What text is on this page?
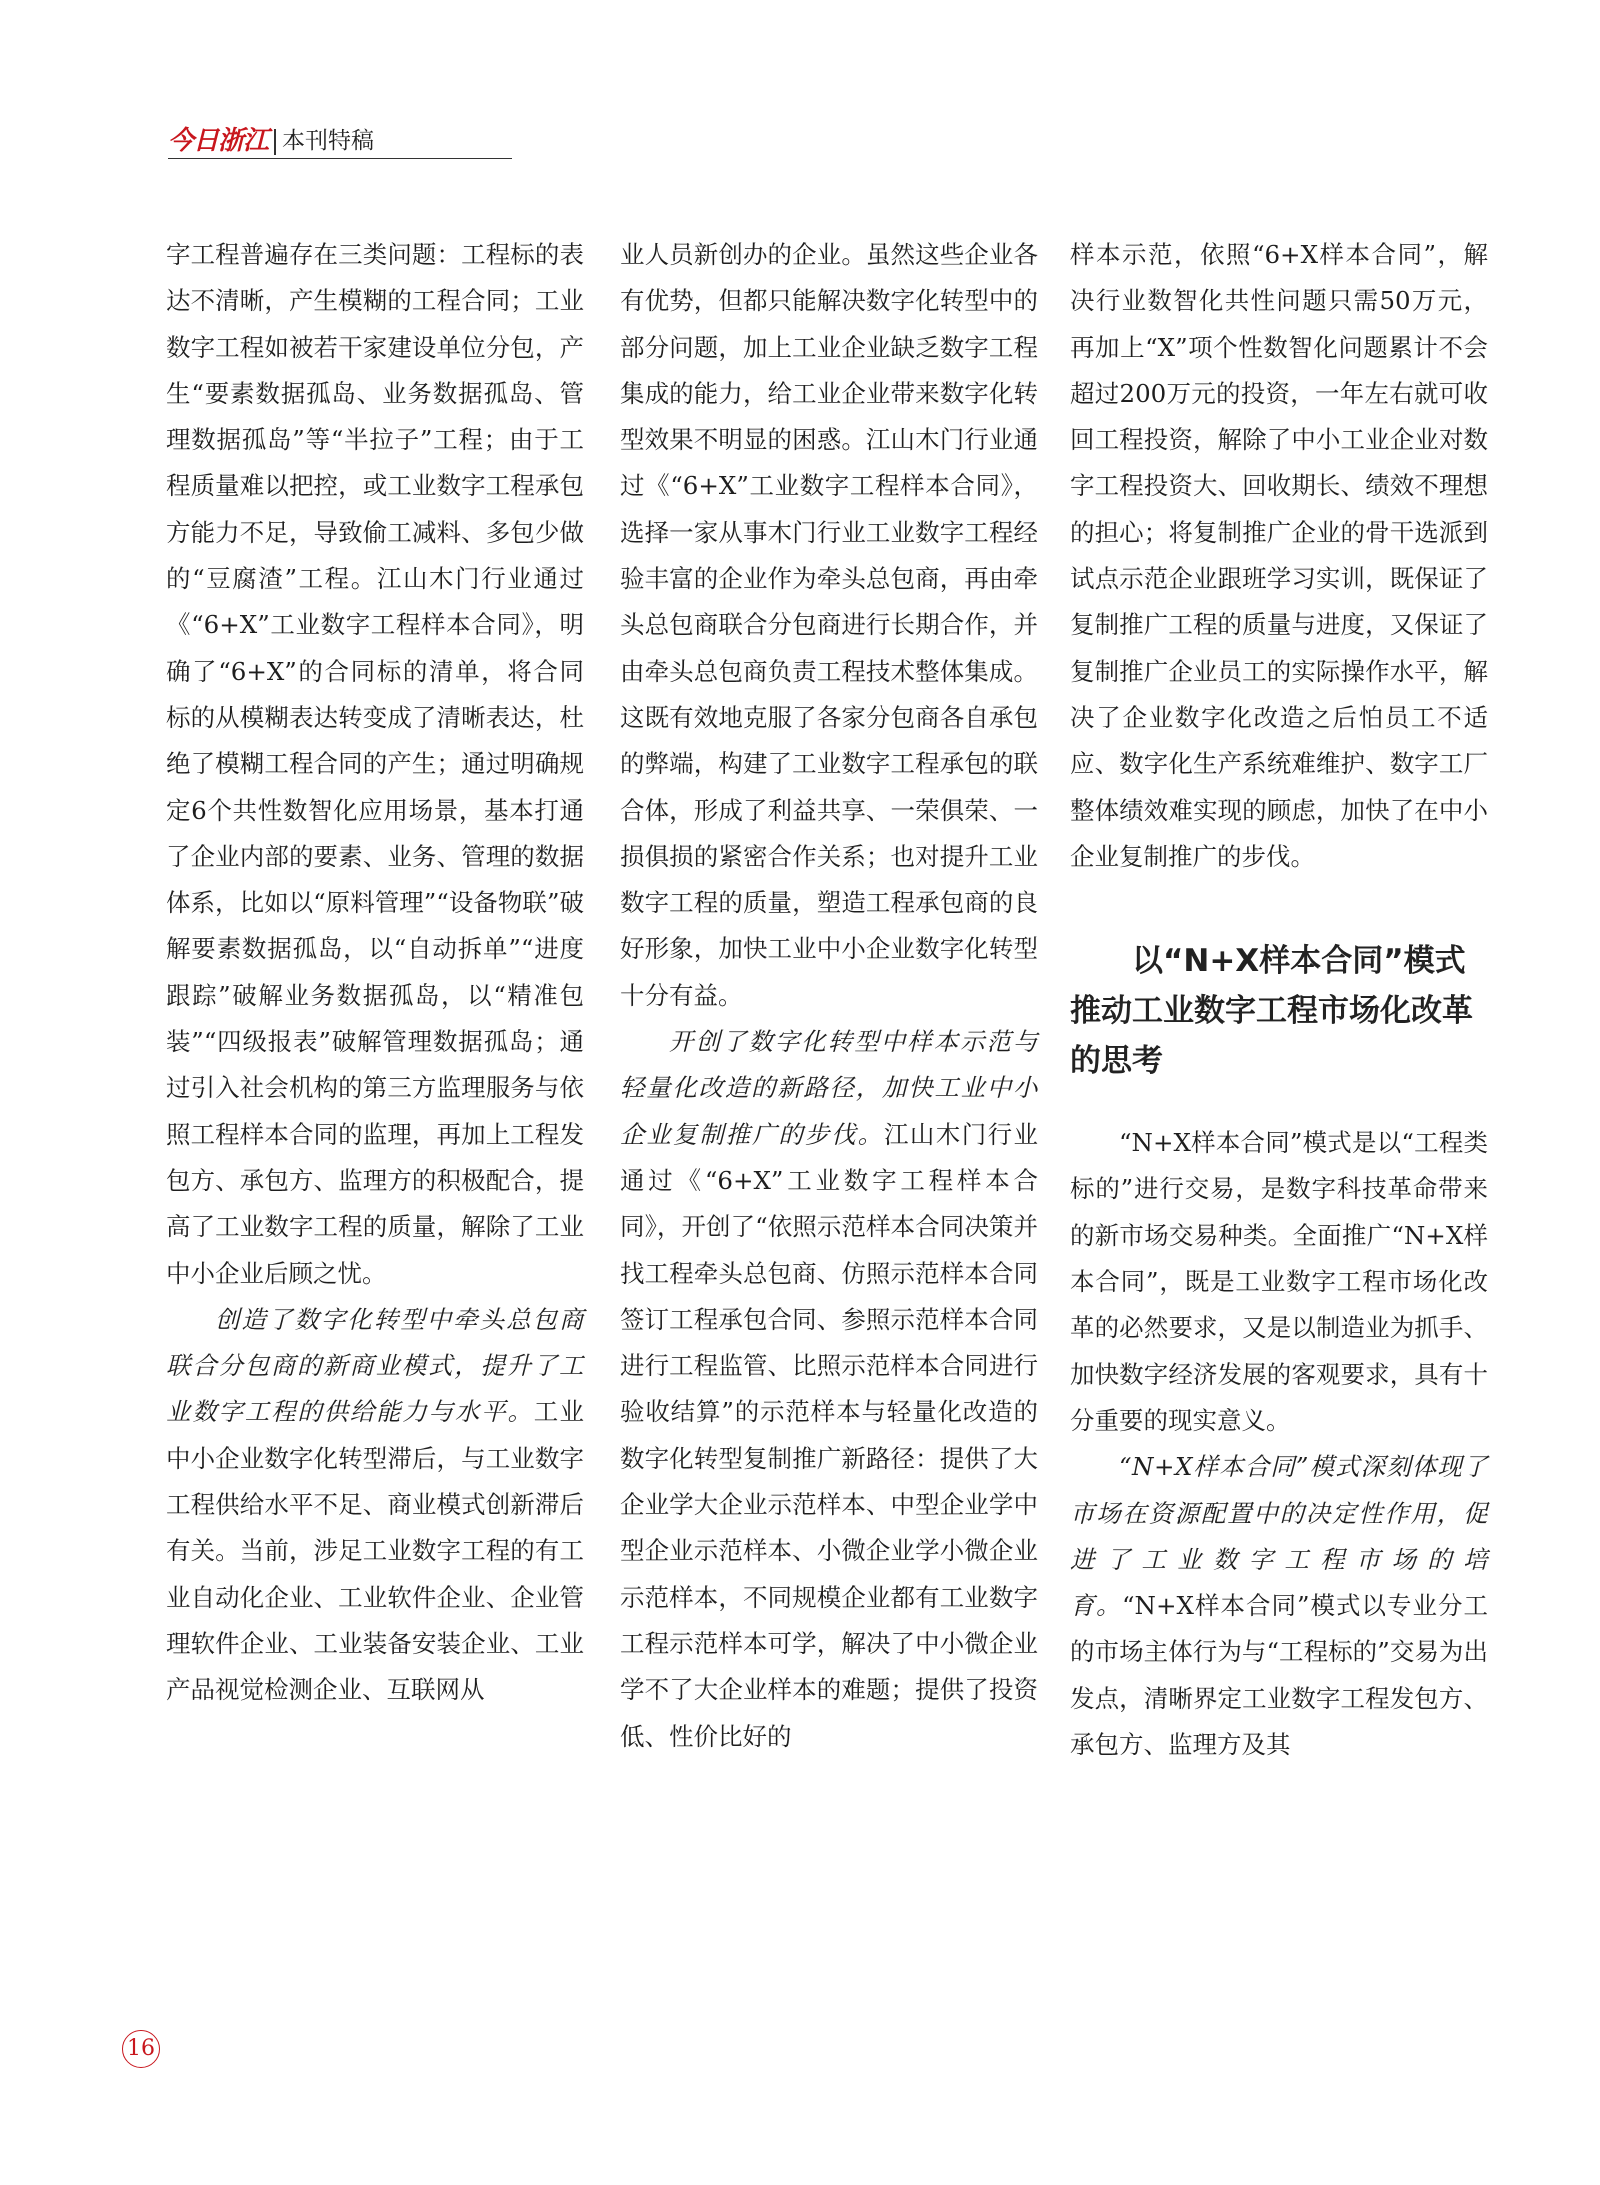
今日浙江 本刊特稿

字工程普遍存在三类问题：工程标的表达不清晰，产生模糊的工程合同；工业数字工程如被若干家建设单位分包，产生“要素数据孤岛、业务数据孤岛、管理数据孤岛”等“半拉子”工程；由于工程质量难以把控，或工业数字工程承包方能力不足，导致偷工减料、多包少做的“豆腐渣”工程。江山木门行业通过《“6+X”工业数字工程样本合同》，明确了“6+X”的合同标的清单，将合同标的从模糊表达转变成了清晰表达，杜绝了模糊工程合同的产生；通过明确规定6个共性数智化应用场景，基本打通了企业内部的要素、业务、管理的数据体系，比如以“原料管理”“设备物联”破解要素数据孤岛，以“自动拆单”“进度跟踪”破解业务数据孤岛，以“精准包装”“四级报表”破解管理数据孤岛；通过引入社会机构的第三方监理服务与依照工程样本合同的监理，再加上工程发包方、承包方、监理方的积极配合，提高了工业数字工程的质量，解除了工业中小企业后顾之忧。

创造了数字化转型中牵头总包商联合分包商的新商业模式，提升了工业数字工程的供给能力与水平。工业中小企业数字化转型滞后，与工业数字工程供给水平不足、商业模式创新滞后有关。当前，涉足工业数字工程的有工业自动化企业、工业软件企业、企业管理软件企业、工业装备安装企业、工业产品视觉检测企业、互联网从

业人员新创办的企业。虽然这些企业各有优势，但都只能解决数字化转型中的部分问题，加上工业企业缺乏数字工程集成的能力，给工业企业带来数字化转型效果不明显的困惑。江山木门行业通过《“6+X”工业数字工程样本合同》，选择一家从事木门行业工业数字工程经验丰富的企业作为牵头总包商，再由牵头总包商联合分包商进行长期合作，并由牵头总包商负责工程技术整体集成。这既有效地克服了各家分包商各自承包的弊端，构建了工业数字工程承包的联合体，形成了利益共享、一荣俱荣、一损俱损的紧密合作关系；也对提升工业数字工程的质量，塑造工程承包商的良好形象，加快工业中小企业数字化转型十分有益。

开创了数字化转型中样本示范与轻量化改造的新路径，加快工业中小企业复制推广的步伐。江山木门行业通过《“6+X”工业数字工程样本合同》，开创了“依照示范样本合同决策并找工程牵头总包商、仿照示范样本合同签订工程承包合同、参照示范样本合同进行工程监管、比照示范样本合同进行验收结算”的示范样本与轻量化改造的数字化转型复制推广新路径：提供了大企业学大企业示范样本、中型企业学中型企业示范样本、小微企业学小微企业示范样本，不同规模企业都有工业数字工程示范样本可学，解决了中小微企业学不了大企业样本的难题；提供了投资低、性价比好的

样本示范，依照“6+X样本合同”，解决行业数智化共性问题只需50万元，再加上“X”项个性数智化问题累计不会超过200万元的投资，一年左右就可收回工程投资，解除了中小工业企业对数字工程投资大、回收期长、绩效不理想的担心；将复制推广企业的骨干选派到试点示范企业跟班学习实训，既保证了复制推广工程的质量与进度，又保证了复制推广企业员工的实际操作水平，解决了企业数字化改造之后怕员工不适应、数字化生产系统难维护、数字工厂整体绩效难实现的顾虑，加快了在中小企业复制推广的步伐。

以“N+X样本合同”模式推动工业数字工程市场化改革的思考

“N+X样本合同”模式是以“工程类标的”进行交易，是数字科技革命带来的新市场交易种类。全面推广“N+X样本合同”，既是工业数字工程市场化改革的必然要求，又是以制造业为抓手、加快数字经济发展的客观要求，具有十分重要的现实意义。

“N+X样本合同”模式深刻体现了市场在资源配置中的决定性作用，促进了工业数字工程市场的培育。“N+X样本合同”模式以专业分工的市场主体行为与“工程标的”交易为出发点，清晰界定工业数字工程发包方、承包方、监理方及其

16
